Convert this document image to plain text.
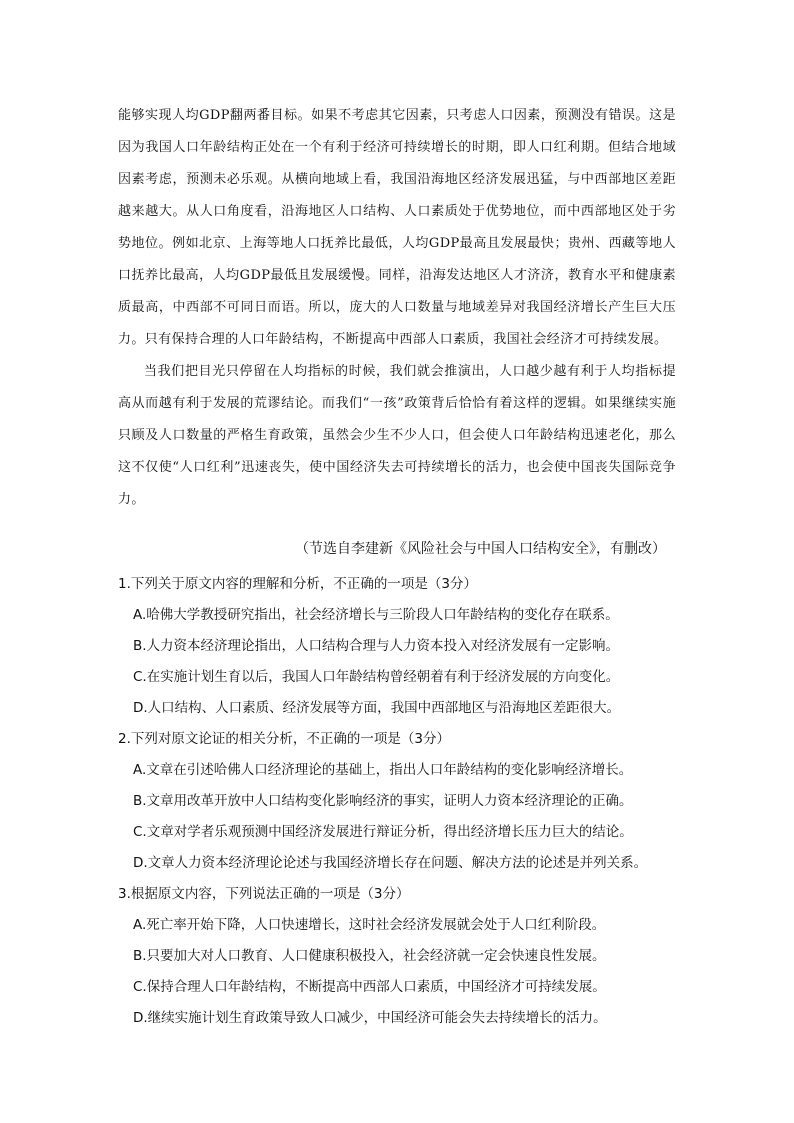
能够实现人均GDP翻两番目标。如果不考虑其它因素，只考虑人口因素，预测没有错误。这是因为我国人口年龄结构正处在一个有利于经济可持续增长的时期，即人口红利期。但结合地域因素考虑，预测未必乐观。从横向地域上看，我国沿海地区经济发展迅猛，与中西部地区差距越来越大。从人口角度看，沿海地区人口结构、人口素质处于优势地位，而中西部地区处于劣势地位。例如北京、上海等地人口抚养比最低，人均GDP最高且发展最快；贵州、西藏等地人口抚养比最高，人均GDP最低且发展缓慢。同样，沿海发达地区人才济济，教育水平和健康素质最高，中西部不可同日而语。所以，庞大的人口数量与地域差异对我国经济增长产生巨大压力。只有保持合理的人口年龄结构，不断提高中西部人口素质，我国社会经济才可持续发展。

当我们把目光只停留在人均指标的时候，我们就会推演出，人口越少越有利于人均指标提高从而越有利于发展的荒谬结论。而我们“一孩”政策背后恰恰有着这样的逻辑。如果继续实施只顾及人口数量的严格生育政策，虽然会少生不少人口，但会使人口年龄结构迅速老化，那么这不仅使“人口红利”迅速丧失，使中国经济失去可持续增长的活力，也会使中国丧失国际竞争力。

（节选自李建新《风险社会与中国人口结构安全》，有删改）
1.下列关于原文内容的理解和分析，不正确的一项是（3分）
A.哈佛大学教授研究指出，社会经济增长与三阶段人口年龄结构的变化存在联系。
B.人力资本经济理论指出，人口结构合理与人力资本投入对经济发展有一定影响。
C.在实施计划生育以后，我国人口年龄结构曾经朝着有利于经济发展的方向变化。
D.人口结构、人口素质、经济发展等方面，我国中西部地区与沿海地区差距很大。
2.下列对原文论证的相关分析，不正确的一项是（3分）
A.文章在引述哈佛人口经济理论的基础上，指出人口年龄结构的变化影响经济增长。
B.文章用改革开放中人口结构变化影响经济的事实，证明人力资本经济理论的正确。
C.文章对学者乐观预测中国经济发展进行辩证分析，得出经济增长压力巨大的结论。
D.文章人力资本经济理论论述与我国经济增长存在问题、解决方法的论述是并列关系。
3.根据原文内容，下列说法正确的一项是（3分）
A.死亡率开始下降，人口快速增长，这时社会经济发展就会处于人口红利阶段。
B.只要加大对人口教育、人口健康积极投入，社会经济就一定会快速良性发展。
C.保持合理人口年龄结构，不断提高中西部人口素质，中国经济才可持续发展。
D.继续实施计划生育政策导致人口减少，中国经济可能会失去持续增长的活力。
